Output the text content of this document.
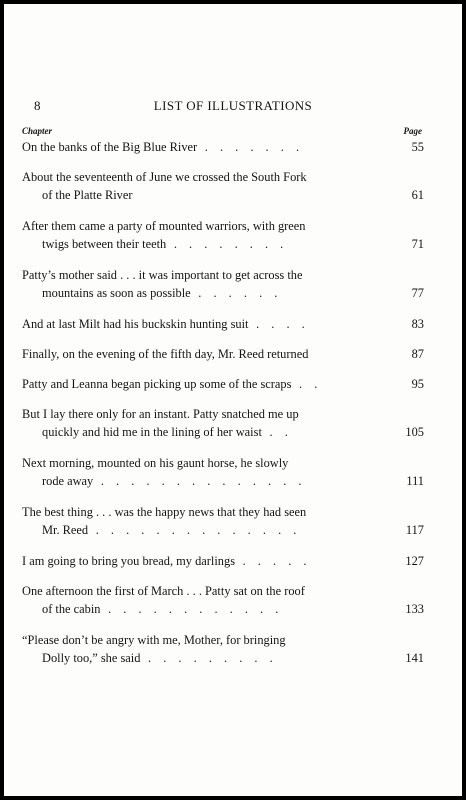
8	LIST OF ILLUSTRATIONS
Chapter	Page
On the banks of the Big Blue River . . . . . . .	55
About the seventeenth of June we crossed the South Fork
of the Platte River	61
After them came a party of mounted warriors, with green
twigs between their teeth . . . . . . . .	71
Patty’s mother said . . . it was important to get across the
mountains as soon as possible . . . . . .	77
And at last Milt had his buckskin hunting suit . . . .	83
Finally, on the evening of the fifth day, Mr. Reed returned	87
Patty and Leanna began picking up some of the scraps . .	95
But I lay there only for an instant. Patty snatched me up
quickly and hid me in the lining of her waist . .	105
Next morning, mounted on his gaunt horse, he slowly
rode away . . . . . . . . . . . . . .	111
The best thing . . . was the happy news that they had seen
Mr. Reed . . . . . . . . . . . . . .	117
I am going to bring you bread, my darlings . . . . .	127
One afternoon the first of March . . . Patty sat on the roof
of the cabin . . . . . . . . . . . .	133
“Please don’t be angry with me, Mother, for bringing
Dolly too,” she said . . . . . . . . .	141
